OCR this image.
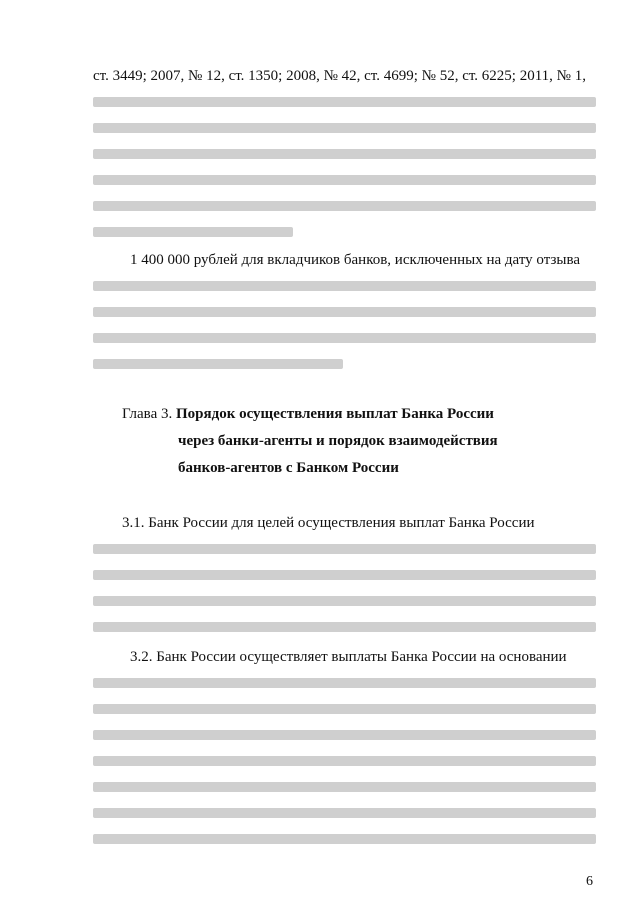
ст. 3449; 2007, № 12, ст. 1350; 2008, № 42, ст. 4699; № 52, ст. 6225; 2011, № 1,
1 400 000 рублей для вкладчиков банков, исключенных на дату отзыва
Глава 3. Порядок осуществления выплат Банка России
через банки-агенты и порядок взаимодействия
банков-агентов с Банком России
3.1. Банк России для целей осуществления выплат Банка России
3.2. Банк России осуществляет выплаты Банка России на основании
6
